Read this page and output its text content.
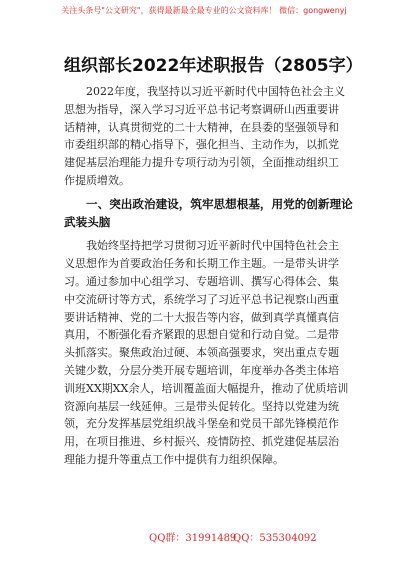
关注头条号"公文研究"，获得最新最全最专业的公文资料库！ 微信：gongwenyj
组织部长2022年述职报告（2805字）
2022年度，我坚持以习近平新时代中国特色社会主义
思想为指导，深入学习习近平总书记考察调研山西重要讲
话精神，认真贯彻党的二十大精神，在县委的坚强领导和
市委组织部的精心指导下，强化担当、主动作为，以抓党
建促基层治理能力提升专项行动为引领，全面推动组织工
作提质增效。
一、突出政治建设，筑牢思想根基，用党的创新理论
武装头脑
我始终坚持把学习贯彻习近平新时代中国特色社会主
义思想作为首要政治任务和长期工作主题。一是带头讲学
习。通过参加中心组学习、专题培训、撰写心得体会、集
中交流研讨等方式，系统学习了习近平总书记视察山西重
要讲话精神、党的二十大报告等内容，做到真学真懂真信
真用，不断强化看齐紧跟的思想自觉和行动自觉。二是带
头抓落实。聚焦政治过硬、本领高强要求，突出重点专题
关键少数，分层分类开展专题培训，年度举办各类主体培
训班XX期XX余人，培训覆盖面大幅提升，推动了优质培训
资源向基层一线延伸。三是带头促转化。坚持以党建为统
领，充分发挥基层党组织战斗堡垒和党员干部先锋模范作
用，在项目推进、乡村振兴、疫情防控、抓党建促基层治
理能力提升等重点工作中提供有力组织保障。
QQ群：31991489
QQ：535304092
